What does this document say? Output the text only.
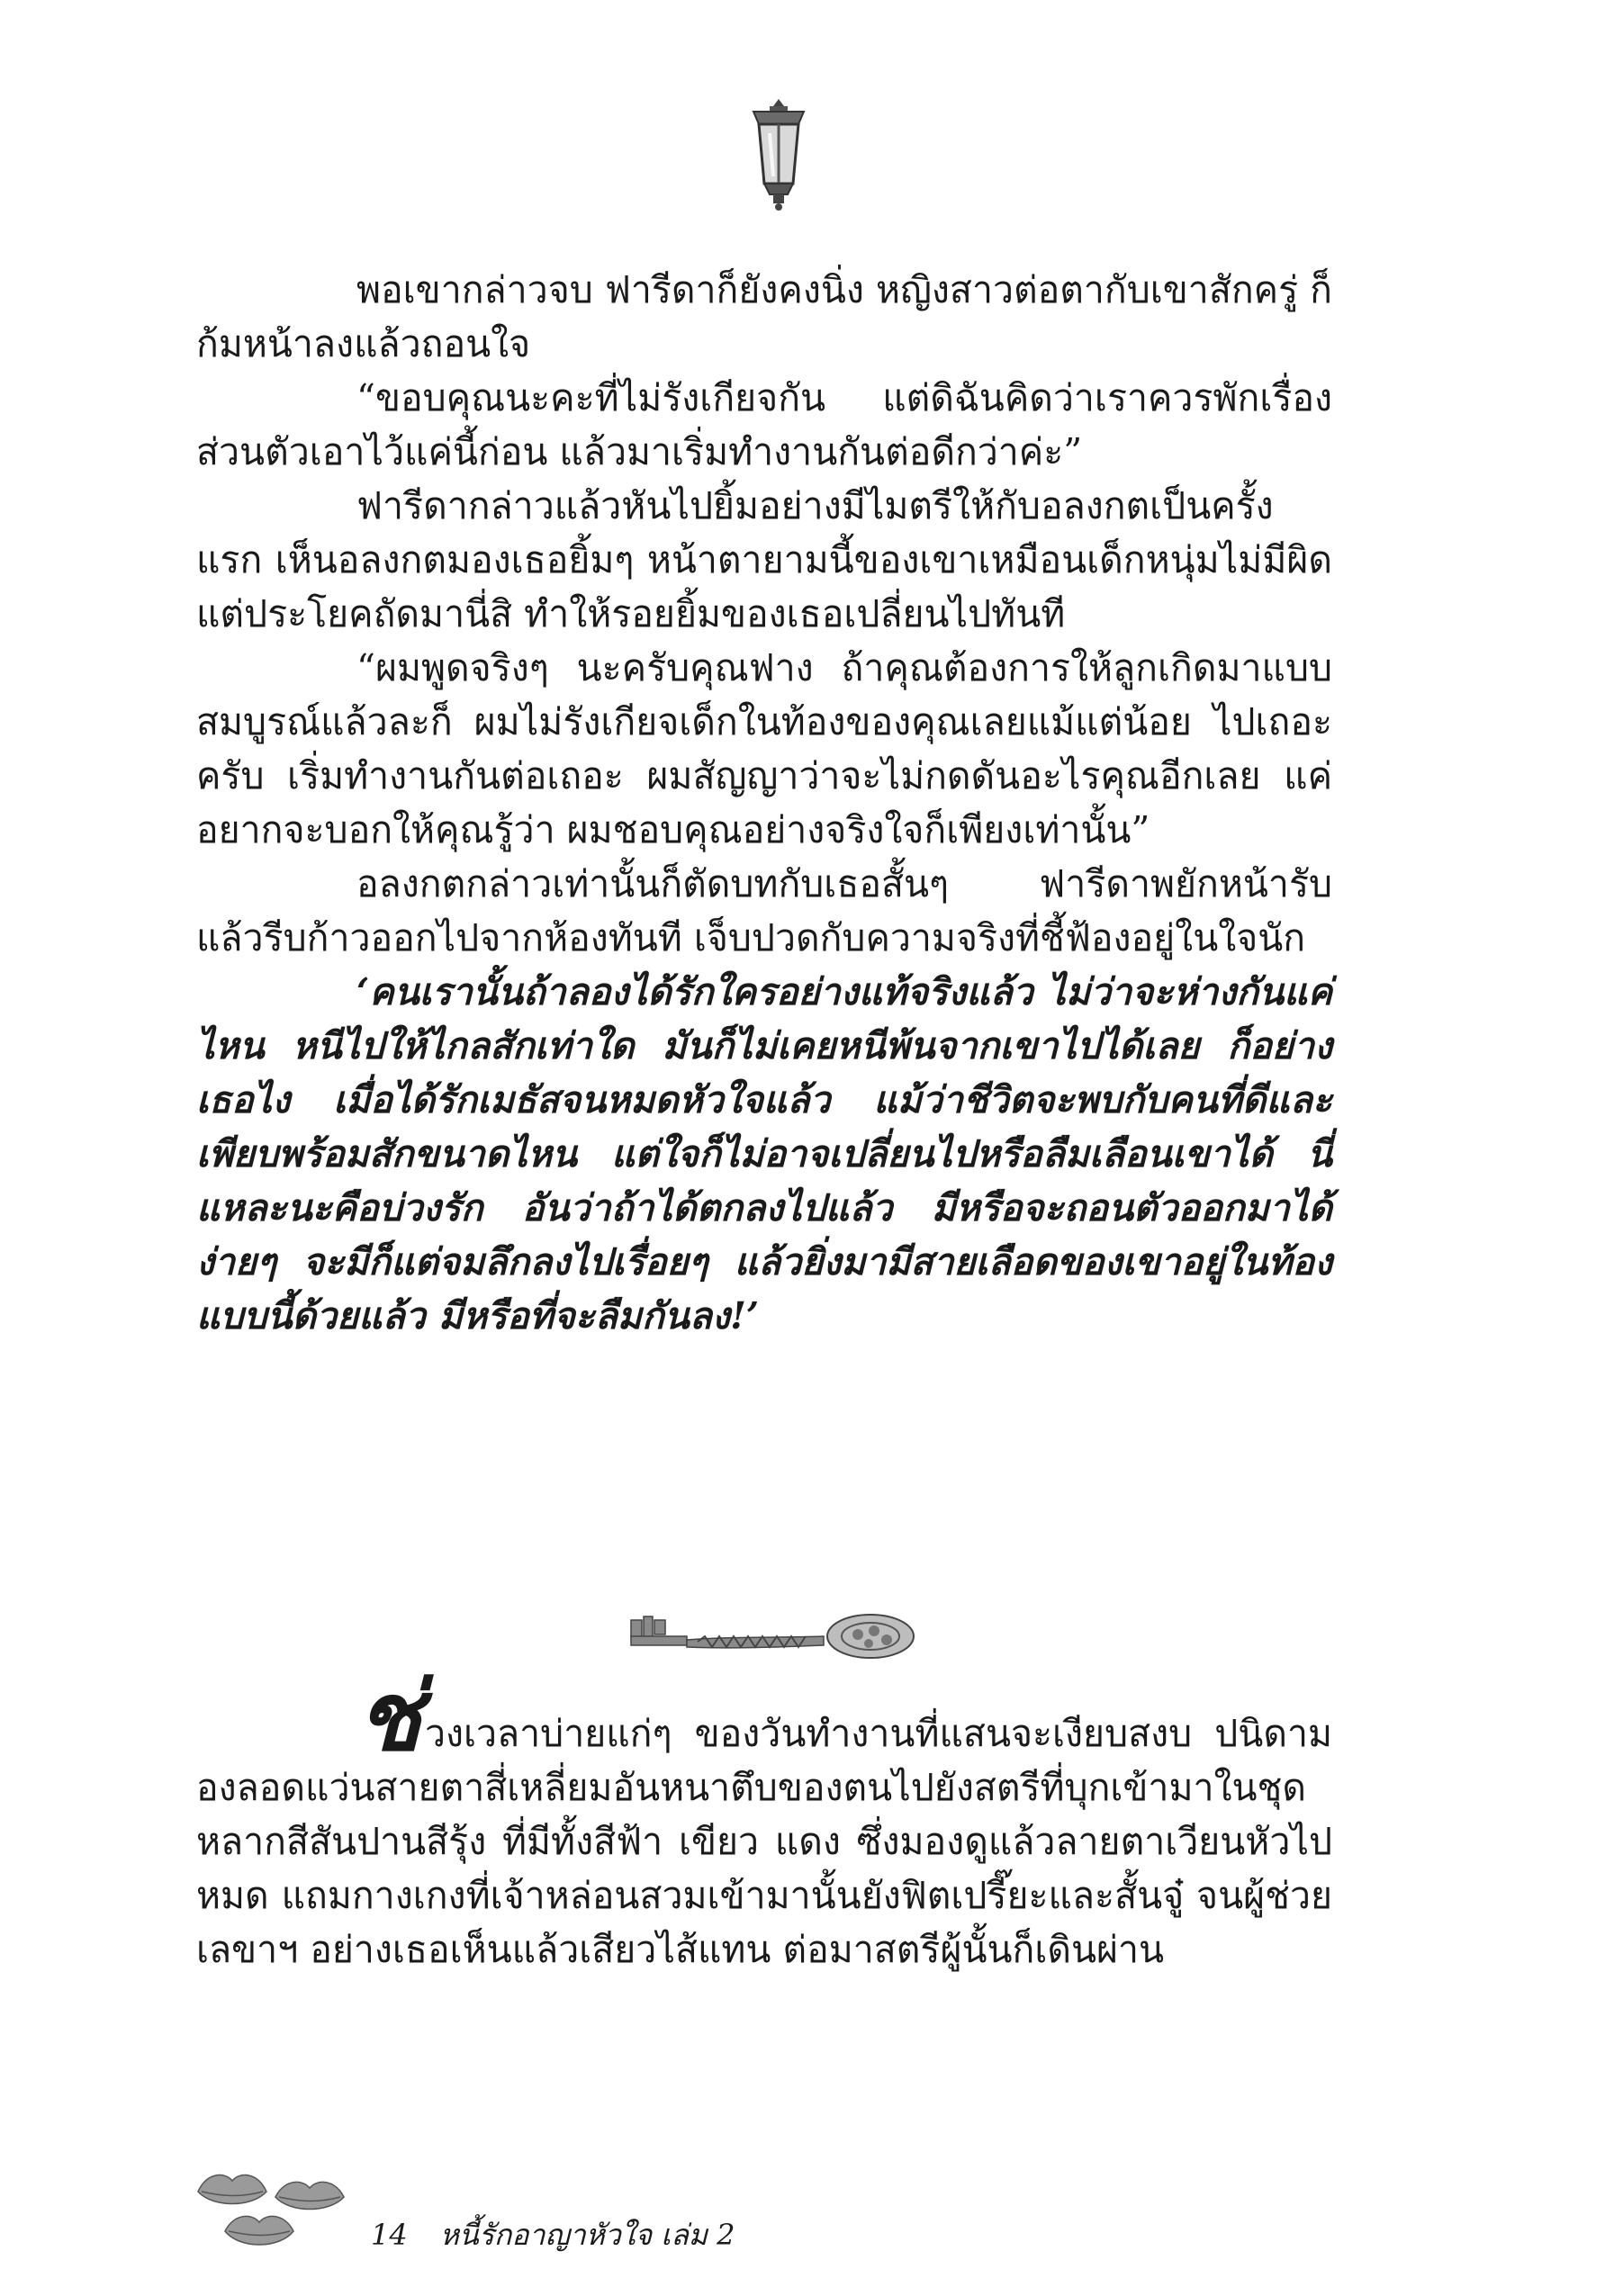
พอเขากล่าวจบ ฟารีดาก็ยังคงนิ่ง หญิงสาวต่อตากับเขาสักครู่ ก็ก้มหน้าลงแล้วถอนใจ

“ขอบคุณนะคะที่ไม่รังเกียจกัน แต่ดิฉันคิดว่าเราควรพักเรื่องส่วนตัวเอาไว้แค่นี้ก่อน แล้วมาเริ่มทำงานกันต่อดีกว่าค่ะ”

ฟารีดากล่าวแล้วหันไปยิ้มอย่างมีไมตรีให้กับอลงกตเป็นครั้งแรก เห็นอลงกตมองเธอยิ้มๆ หน้าตายามนี้ของเขาเหมือนเด็กหนุ่มไม่มีผิด แต่ประโยคถัดมานี่สิ ทำให้รอยยิ้มของเธอเปลี่ยนไปทันที

“ผมพูดจริงๆ นะครับคุณฟาง ถ้าคุณต้องการให้ลูกเกิดมาแบบสมบูรณ์แล้วละก็ ผมไม่รังเกียจเด็กในท้องของคุณเลยแม้แต่น้อย ไปเถอะครับ เริ่มทำงานกันต่อเถอะ ผมสัญญาว่าจะไม่กดดันอะไรคุณอีกเลย แค่อยากจะบอกให้คุณรู้ว่า ผมชอบคุณอย่างจริงใจก็เพียงเท่านั้น”

อลงกตกล่าวเท่านั้นก็ตัดบทกับเธอสั้นๆ ฟารีดาพยักหน้ารับ แล้วรีบก้าวออกไปจากห้องทันที เจ็บปวดกับความจริงที่ชี้ฟ้องอยู่ในใจนัก

‘คนเรานั้นถ้าลองได้รักใครอย่างแท้จริงแล้ว ไม่ว่าจะห่างกันแค่ไหน หนีไปให้ไกลสักเท่าใด มันก็ไม่เคยหนีพ้นจากเขาไปได้เลย ก็อย่างเธอไง เมื่อได้รักเมธัสจนหมดหัวใจแล้ว แม้ว่าชีวิตจะพบกับคนที่ดีและเพียบพร้อมสักขนาดไหน แต่ใจก็ไม่อาจเปลี่ยนไปหรือลืมเลือนเขาได้ นี่แหละนะคือบ่วงรัก อันว่าถ้าได้ตกลงไปแล้ว มีหรือจะถอนตัวออกมาได้ง่ายๆ จะมีก็แต่จมลึกลงไปเรื่อยๆ แล้วยิ่งมามีสายเลือดของเขาอยู่ในท้องแบบนี้ด้วยแล้ว มีหรือที่จะลืมกันลง!’

ช่วงเวลาบ่ายแก่ๆ ของวันทำงานที่แสนจะเงียบสงบ ปนิดามองลอดแว่นสายตาสี่เหลี่ยมอันหนาตึบของตนไปยังสตรีที่บุกเข้ามาในชุดหลากสีสันปานสีรุ้ง ที่มีทั้งสีฟ้า เขียว แดง ซึ่งมองดูแล้วลายตาเวียนหัวไปหมด แถมกางเกงที่เจ้าหล่อนสวมเข้ามานั้นยังฟิตเปรี๊ยะและสั้นจู๋ จนผู้ช่วยเลขาฯ อย่างเธอเห็นแล้วเสียวไส้แทน ต่อมาสตรีผู้นั้นก็เดินผ่าน

14 หนี้รักอาญาหัวใจ เล่ม 2
